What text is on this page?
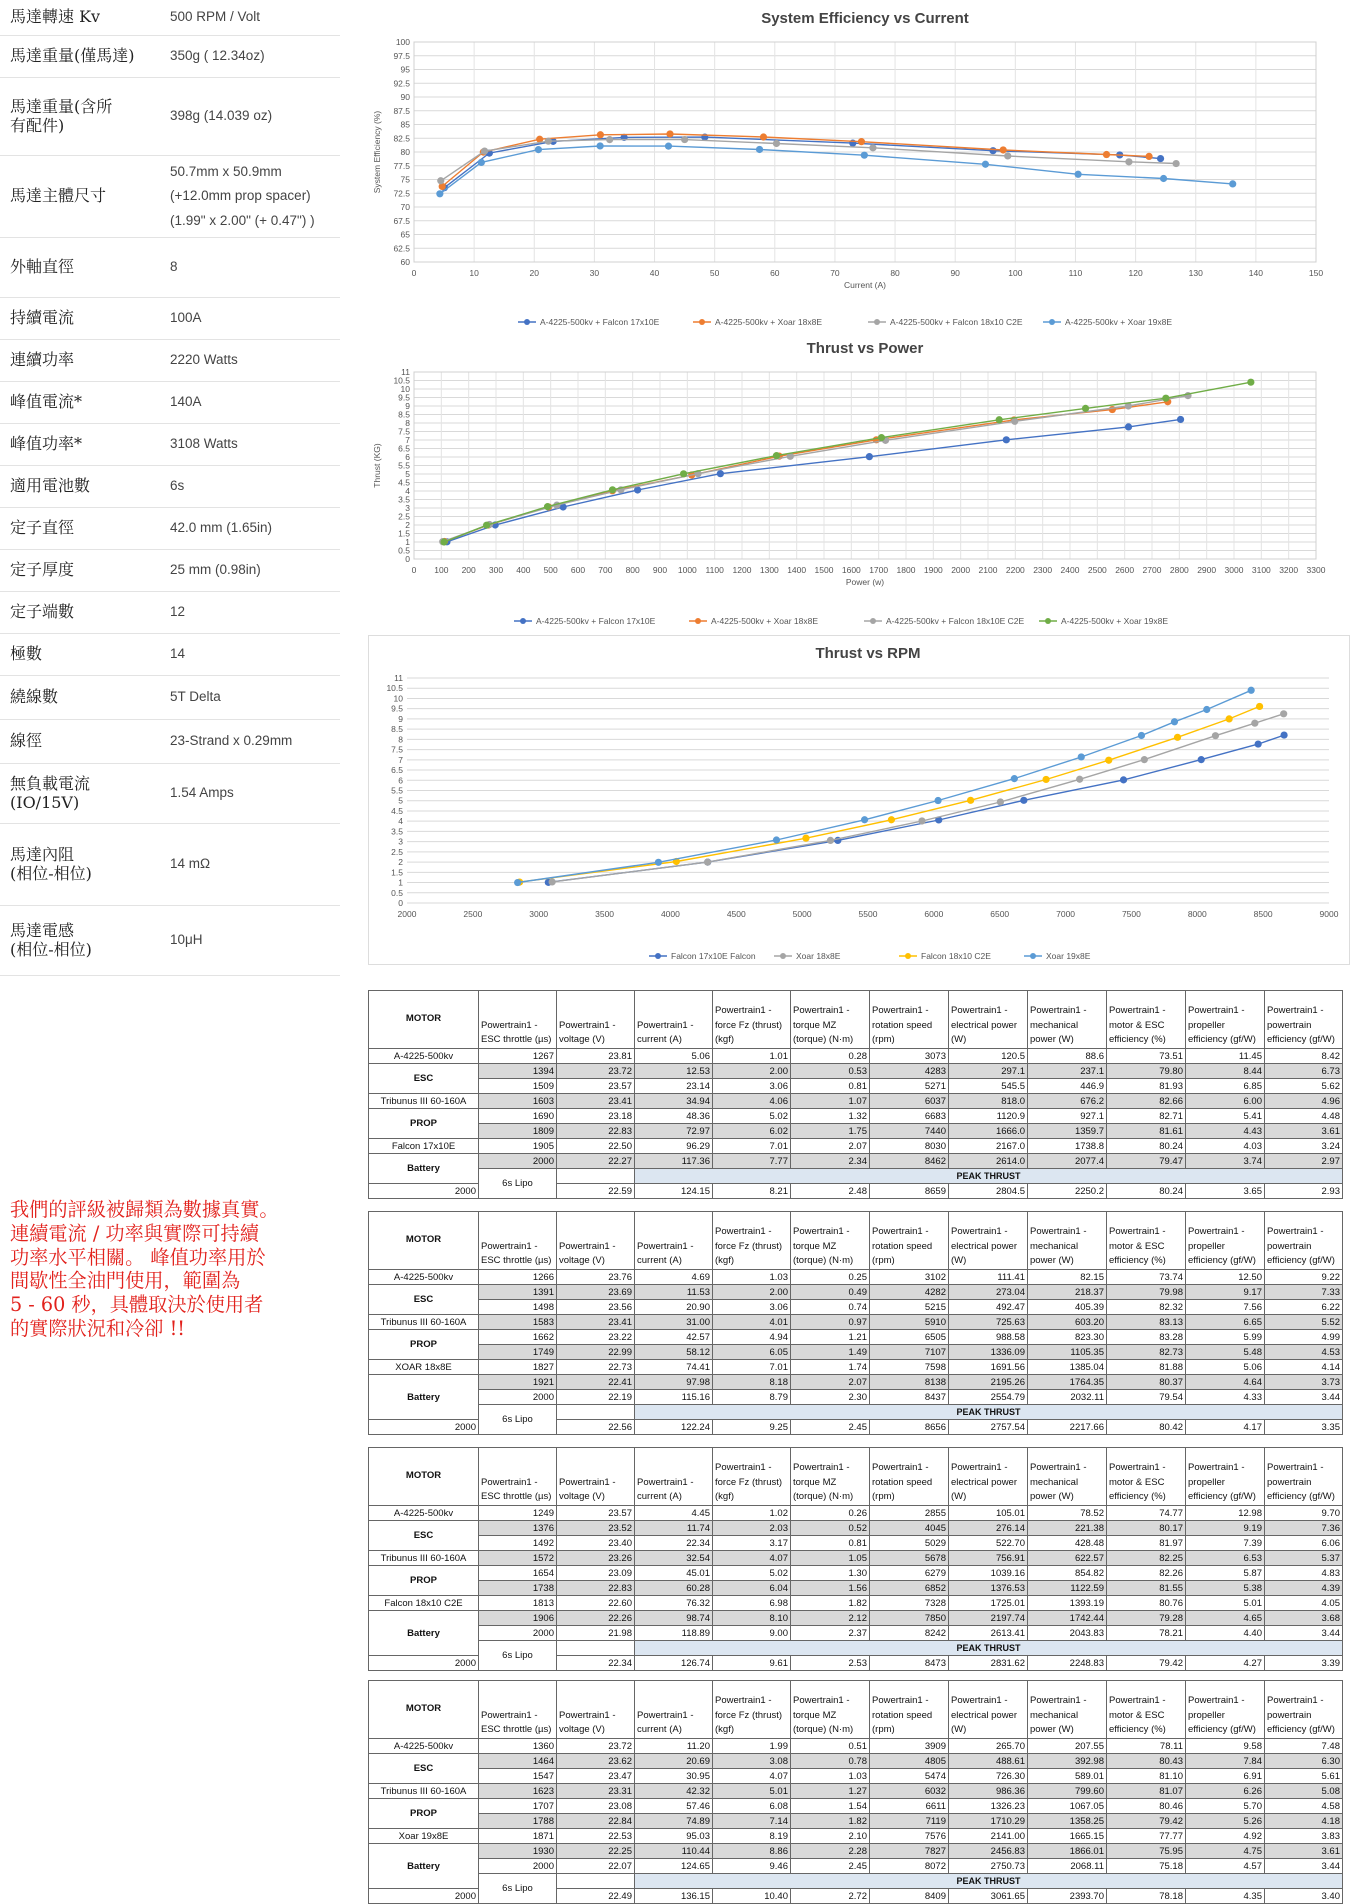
馬達轉速 Kv	500 RPM / Volt
馬達重量(僅馬達)	350g ( 12.34oz)
馬達重量(含所
有配件)	398g (14.039 oz)
馬達主體尺寸
50.7mm x 50.9mm
(+12.0mm prop spacer)
(1.99" x 2.00" (+ 0.47") )
外軸直徑	8
持續電流	100A
連續功率	2220 Watts
峰值電流*	140A
峰值功率*	3108 Watts
適用電池數	6s
定子直徑	42.0 mm (1.65in)
定子厚度	25 mm (0.98in)
定子端數	12
極數	14
繞線數	5T Delta
線徑	23-Strand x 0.29mm
無負載電流
(IO/15V)	1.54 Amps
馬達內阻
(相位-相位)	14 mΩ
馬達電感
(相位-相位)	10μH
我們的評級被歸類為數據真實。
連續電流 / 功率與實際可持續
功率水平相關。 峰值功率用於
間歇性全油門使用，範圍為
5 - 60 秒，具體取決於使用者
的實際狀況和冷卻 !!
System Efficiency vs Current
60
62.5
65
67.5
70
72.5
75
77.5
80
82.5
85
87.5
90
92.5
95
97.5
100
0	10	20	30	40	50	60	70	80	90	100	110	120	130	140	150
Current (A)
System Efficiency (%)
A-4225-500kv + Falcon 17x10E	A-4225-500kv + Xoar 18x8E	A-4225-500kv + Falcon 18x10 C2E	A-4225-500kv + Xoar 19x8E
Thrust vs Power
0
0.5
1
1.5
2
2.5
3
3.5
4
4.5
5
5.5
6
6.5
7
7.5
8
8.5
9
9.5
10
10.5
11
0 100 200 300 400 500 600 700 800 900 1000 1100 1200 1300 1400 1500 1600 1700 1800 1900 2000 2100 2200 2300 2400 2500 2600 2700 2800 2900 3000 3100 3200 3300
Power (w)
Thrust (KG)
A-4225-500kv + Falcon 17x10E	A-4225-500kv + Xoar 18x8E	A-4225-500kv + Falcon 18x10E C2E	A-4225-500kv + Xoar 19x8E
Thrust vs RPM
0
0.5
1
1.5
2
2.5
3
3.5
4
4.5
5
5.5
6
6.5
7
7.5
8
8.5
9
9.5
10
10.5
11
2000	2500	3000	3500	4000	4500	5000	5500	6000	6500	7000	7500	8000	8500	9000
Falcon 17x10E Falcon	Xoar 18x8E	Falcon 18x10 C2E	Xoar 19x8E
MOTOR	Powertrain1 - ESC throttle (µs)	Powertrain1 - voltage (V)	Powertrain1 - current (A)	Powertrain1 - force Fz (thrust) (kgf)	Powertrain1 - torque MZ (torque) (N·m)	Powertrain1 - rotation speed (rpm)	Powertrain1 - electrical power (W)	Powertrain1 - mechanical power (W)	Powertrain1 - motor & ESC efficiency (%)	Powertrain1 - propeller efficiency (gf/W)	Powertrain1 - powertrain efficiency (gf/W)
A-4225-500kv	1267	23.81	5.06	1.01	0.28	3073	120.5	88.6	73.51	11.45	8.42
ESC	1394	23.72	12.53	2.00	0.53	4283	297.1	237.1	79.80	8.44	6.73
	1509	23.57	23.14	3.06	0.81	5271	545.5	446.9	81.93	6.85	5.62
Tribunus III 60-160A	1603	23.41	34.94	4.06	1.07	6037	818.0	676.2	82.66	6.00	4.96
PROP	1690	23.18	48.36	5.02	1.32	6683	1120.9	927.1	82.71	5.41	4.48
	1809	22.83	72.97	6.02	1.75	7440	1666.0	1359.7	81.61	4.43	3.61
Falcon 17x10E	1905	22.50	96.29	7.01	2.07	8030	2167.0	1738.8	80.24	4.03	3.24
Battery	2000	22.27	117.36	7.77	2.34	8462	2614.0	2077.4	79.47	3.74	2.97
	6s Lipo		PEAK THRUST								
2000		22.59	124.15	8.21	2.48	8659	2804.5	2250.2	80.24	3.65	2.93
MOTOR	Powertrain1 - ESC throttle (µs)	Powertrain1 - voltage (V)	Powertrain1 - current (A)	Powertrain1 - force Fz (thrust) (kgf)	Powertrain1 - torque MZ (torque) (N·m)	Powertrain1 - rotation speed (rpm)	Powertrain1 - electrical power (W)	Powertrain1 - mechanical power (W)	Powertrain1 - motor & ESC efficiency (%)	Powertrain1 - propeller efficiency (gf/W)	Powertrain1 - powertrain efficiency (gf/W)
A-4225-500kv	1266	23.76	4.69	1.03	0.25	3102	111.41	82.15	73.74	12.50	9.22
ESC	1391	23.69	11.53	2.00	0.49	4282	273.04	218.37	79.98	9.17	7.33
	1498	23.56	20.90	3.06	0.74	5215	492.47	405.39	82.32	7.56	6.22
Tribunus III 60-160A	1583	23.41	31.00	4.01	0.97	5910	725.63	603.20	83.13	6.65	5.52
PROP	1662	23.22	42.57	4.94	1.21	6505	988.58	823.30	83.28	5.99	4.99
	1749	22.99	58.12	6.05	1.49	7107	1336.09	1105.35	82.73	5.48	4.53
XOAR 18x8E	1827	22.73	74.41	7.01	1.74	7598	1691.56	1385.04	81.88	5.06	4.14
Battery	1921	22.41	97.98	8.18	2.07	8138	2195.26	1764.35	80.37	4.64	3.73
	2000	22.19	115.16	8.79	2.30	8437	2554.79	2032.11	79.54	4.33	3.44
	6s Lipo		PEAK THRUST								
2000		22.56	122.24	9.25	2.45	8656	2757.54	2217.66	80.42	4.17	3.35
MOTOR	Powertrain1 - ESC throttle (µs)	Powertrain1 - voltage (V)	Powertrain1 - current (A)	Powertrain1 - force Fz (thrust) (kgf)	Powertrain1 - torque MZ (torque) (N·m)	Powertrain1 - rotation speed (rpm)	Powertrain1 - electrical power (W)	Powertrain1 - mechanical power (W)	Powertrain1 - motor & ESC efficiency (%)	Powertrain1 - propeller efficiency (gf/W)	Powertrain1 - powertrain efficiency (gf/W)
A-4225-500kv	1249	23.57	4.45	1.02	0.26	2855	105.01	78.52	74.77	12.98	9.70
ESC	1376	23.52	11.74	2.03	0.52	4045	276.14	221.38	80.17	9.19	7.36
	1492	23.40	22.34	3.17	0.81	5029	522.70	428.48	81.97	7.39	6.06
Tribunus III 60-160A	1572	23.26	32.54	4.07	1.05	5678	756.91	622.57	82.25	6.53	5.37
PROP	1654	23.09	45.01	5.02	1.30	6279	1039.16	854.82	82.26	5.87	4.83
	1738	22.83	60.28	6.04	1.56	6852	1376.53	1122.59	81.55	5.38	4.39
Falcon 18x10 C2E	1813	22.60	76.32	6.98	1.82	7328	1725.01	1393.19	80.76	5.01	4.05
Battery	1906	22.26	98.74	8.10	2.12	7850	2197.74	1742.44	79.28	4.65	3.68
	2000	21.98	118.89	9.00	2.37	8242	2613.41	2043.83	78.21	4.40	3.44
	6s Lipo		PEAK THRUST								
2000		22.34	126.74	9.61	2.53	8473	2831.62	2248.83	79.42	4.27	3.39
MOTOR	Powertrain1 - ESC throttle (µs)	Powertrain1 - voltage (V)	Powertrain1 - current (A)	Powertrain1 - force Fz (thrust) (kgf)	Powertrain1 - torque MZ (torque) (N·m)	Powertrain1 - rotation speed (rpm)	Powertrain1 - electrical power (W)	Powertrain1 - mechanical power (W)	Powertrain1 - motor & ESC efficiency (%)	Powertrain1 - propeller efficiency (gf/W)	Powertrain1 - powertrain efficiency (gf/W)
A-4225-500kv	1360	23.72	11.20	1.99	0.51	3909	265.70	207.55	78.11	9.58	7.48
ESC	1464	23.62	20.69	3.08	0.78	4805	488.61	392.98	80.43	7.84	6.30
	1547	23.47	30.95	4.07	1.03	5474	726.30	589.01	81.10	6.91	5.61
Tribunus III 60-160A	1623	23.31	42.32	5.01	1.27	6032	986.36	799.60	81.07	6.26	5.08
PROP	1707	23.08	57.46	6.08	1.54	6611	1326.23	1067.05	80.46	5.70	4.58
	1788	22.84	74.89	7.14	1.82	7119	1710.29	1358.25	79.42	5.26	4.18
Xoar 19x8E	1871	22.53	95.03	8.19	2.10	7576	2141.00	1665.15	77.77	4.92	3.83
Battery	1930	22.25	110.44	8.86	2.28	7827	2456.83	1866.01	75.95	4.75	3.61
	2000	22.07	124.65	9.46	2.45	8072	2750.73	2068.11	75.18	4.57	3.44
	6s Lipo		PEAK THRUST								
2000		22.49	136.15	10.40	2.72	8409	3061.65	2393.70	78.18	4.35	3.40
